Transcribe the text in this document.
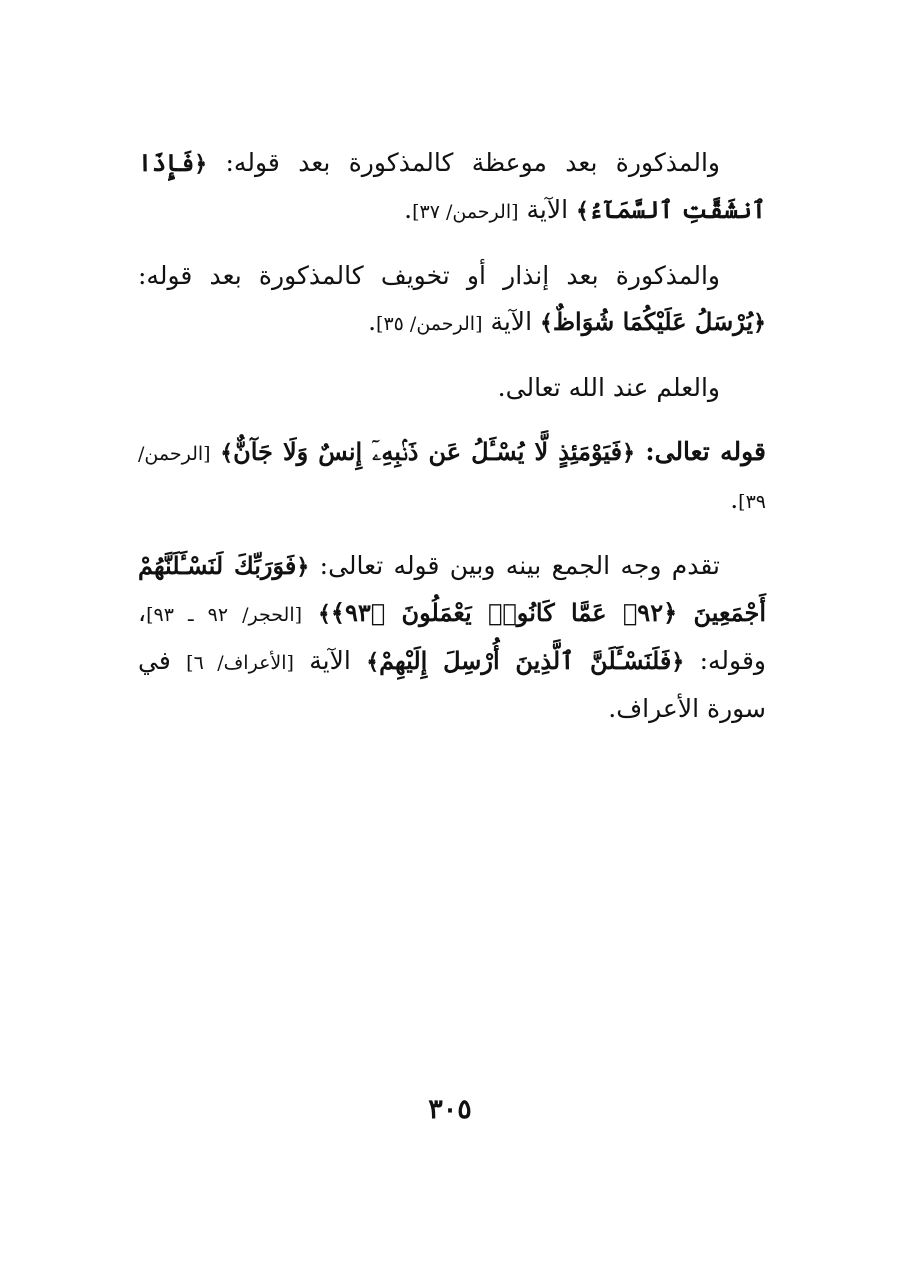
والمذكورة بعد موعظة كالمذكورة بعد قوله: ﴿فَإِذَا ٱنشَقَّتِ ٱلسَّمَآءُ﴾ الآية [الرحمن/ ٣٧].

والمذكورة بعد إنذار أو تخويف كالمذكورة بعد قوله: ﴿يُرْسَلُ عَلَيْكُمَا شُوَاظٌ﴾ الآية [الرحمن/ ٣٥].

والعلم عند الله تعالى.

قوله تعالى: ﴿فَيَوْمَئِذٍ لَّا يُسْـَٔلُ عَن ذَنۢبِهِۦٓ إِنسٌ وَلَا جَآنٌّ﴾ [الرحمن/ ٣٩].

تقدم وجه الجمع بينه وبين قوله تعالى: ﴿فَوَرَبِّكَ لَنَسْـَٔلَنَّهُمْ أَجْمَعِينَ ﴿٩٢﴾ عَمَّا كَانُوا۟ يَعْمَلُونَ ﴿٩٣﴾﴾ [الحجر/ ٩٢ ـ ٩٣]، وقوله: ﴿فَلَنَسْـَٔلَنَّ ٱلَّذِينَ أُرْسِلَ إِلَيْهِمْ﴾ الآية [الأعراف/ ٦] في سورة الأعراف.

٣٠٥
